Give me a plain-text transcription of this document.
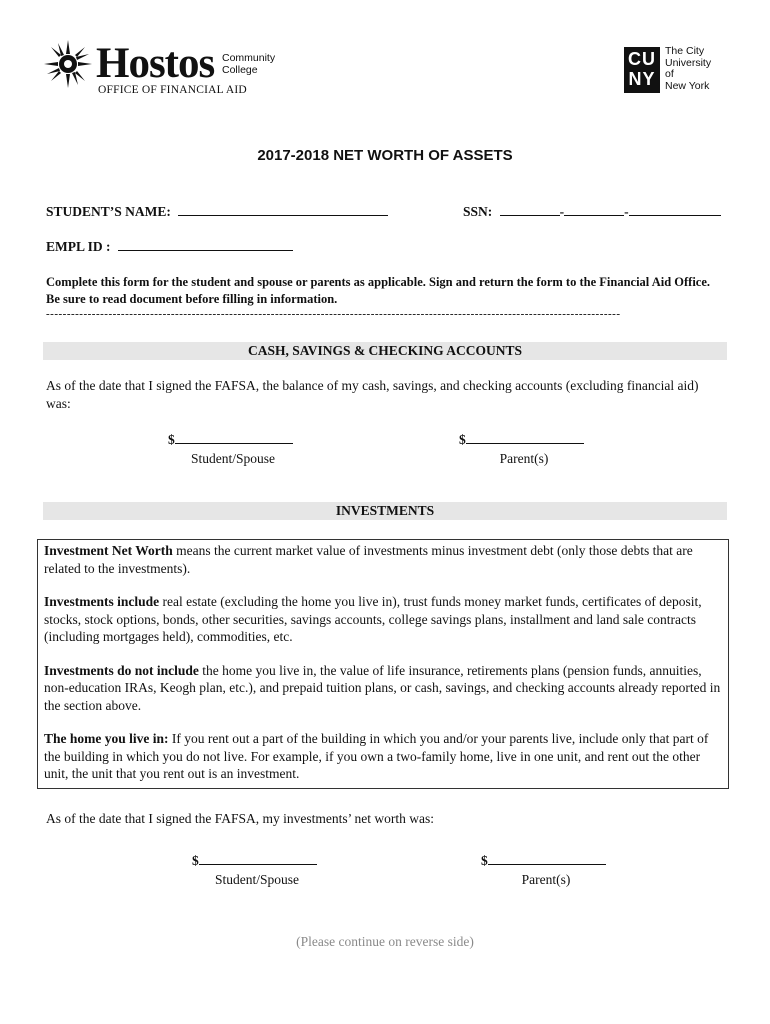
Hostos Community
College
OFFICE OF FINANCIAL AID
CUNY
The City
University
of
New York
2017-2018 NET WORTH OF ASSETS
STUDENT’S NAME:	SSN:	-	-
EMPL ID :
Complete this form for the student and spouse or parents as applicable. Sign and return the form to the Financial Aid Office. Be sure to read document before filling in information.
------------------------------------------------------------------------------------------------------------------------------------------
CASH, SAVINGS & CHECKING ACCOUNTS
As of the date that I signed the FAFSA, the balance of my cash, savings, and checking accounts (excluding financial aid) was:
$
Student/Spouse
$
Parent(s)
INVESTMENTS

Investment Net Worth means the current market value of investments minus investment debt (only those debts that are related to the investments).

Investments include real estate (excluding the home you live in), trust funds money market funds, certificates of deposit, stocks, stock options, bonds, other securities, savings accounts, college savings plans, installment and land sale contracts (including mortgages held), commodities, etc.

Investments do not include the home you live in, the value of life insurance, retirements plans (pension funds, annuities, non-education IRAs, Keogh plan, etc.), and prepaid tuition plans, or cash, savings, and checking accounts already reported in the section above.

The home you live in: If you rent out a part of the building in which you and/or your parents live, include only that part of the building in which you do not live. For example, if you own a two-family home, live in one unit, and rent out the other unit, the unit that you rent out is an investment.

As of the date that I signed the FAFSA, my investments’ net worth was:
$
Student/Spouse
$
Parent(s)
(Please continue on reverse side)
